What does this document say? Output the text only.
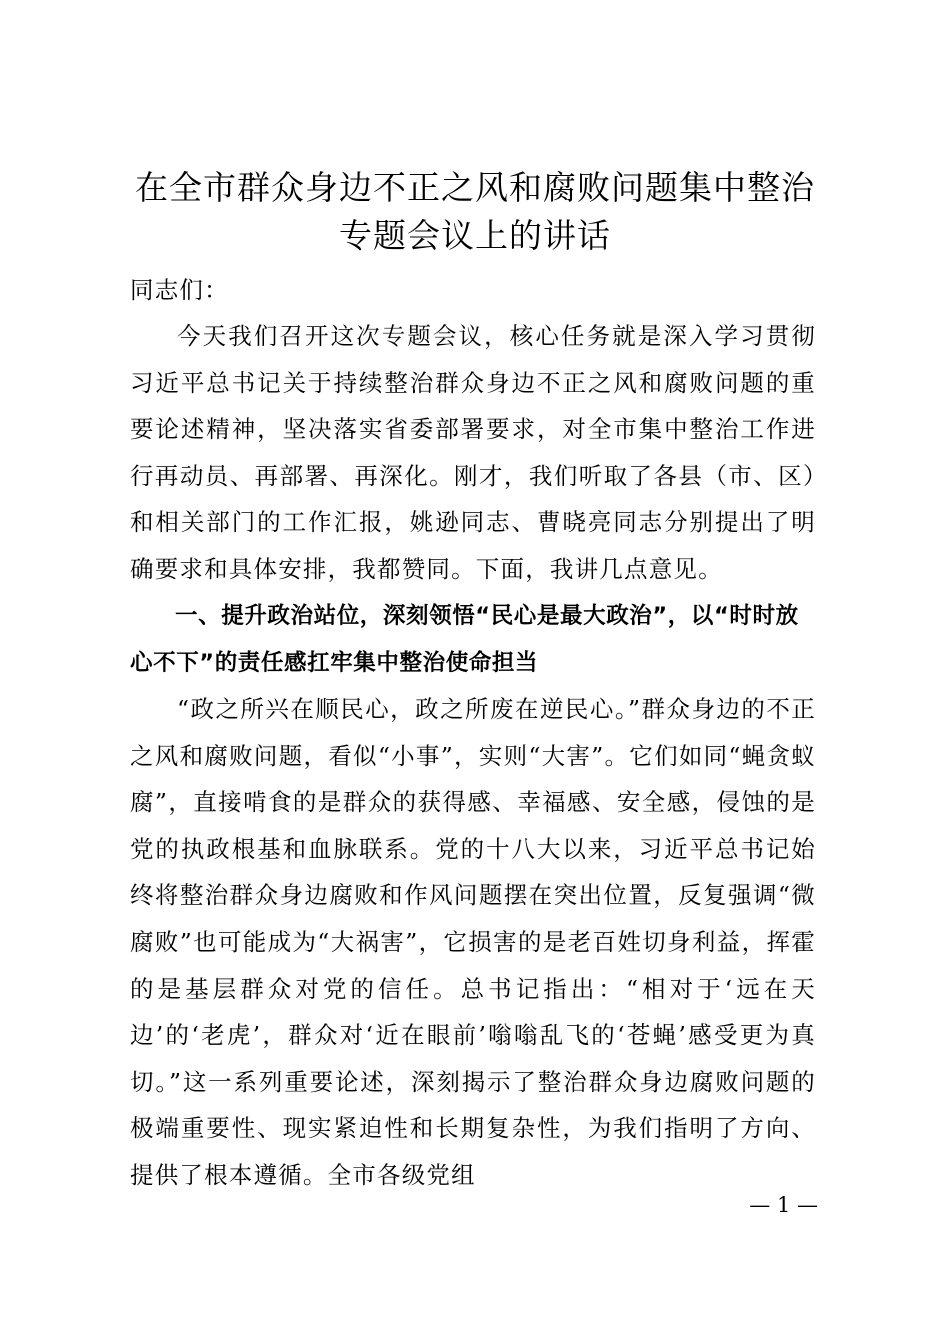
在全市群众身边不正之风和腐败问题集中整治
专题会议上的讲话
同志们：
今天我们召开这次专题会议，核心任务就是深入学习贯彻习近平总书记关于持续整治群众身边不正之风和腐败问题的重要论述精神，坚决落实省委部署要求，对全市集中整治工作进行再动员、再部署、再深化。刚才，我们听取了各县（市、区）和相关部门的工作汇报，姚逊同志、曹晓亮同志分别提出了明确要求和具体安排，我都赞同。下面，我讲几点意见。
一、提升政治站位，深刻领悟“民心是最大政治”，以“时时放心不下”的责任感扛牢集中整治使命担当
“政之所兴在顺民心，政之所废在逆民心。”群众身边的不正之风和腐败问题，看似“小事”，实则“大害”。它们如同“蝇贪蚁腐”，直接啃食的是群众的获得感、幸福感、安全感，侵蚀的是党的执政根基和血脉联系。党的十八大以来，习近平总书记始终将整治群众身边腐败和作风问题摆在突出位置，反复强调“微腐败”也可能成为“大祸害”，它损害的是老百姓切身利益，挥霍的是基层群众对党的信任。总书记指出：“相对于‘远在天边’的‘老虎’，群众对‘近在眼前’嗡嗡乱飞的‘苍蝇’感受更为真切。”这一系列重要论述，深刻揭示了整治群众身边腐败问题的极端重要性、现实紧迫性和长期复杂性，为我们指明了方向、提供了根本遵循。全市各级党组
— 1 —
